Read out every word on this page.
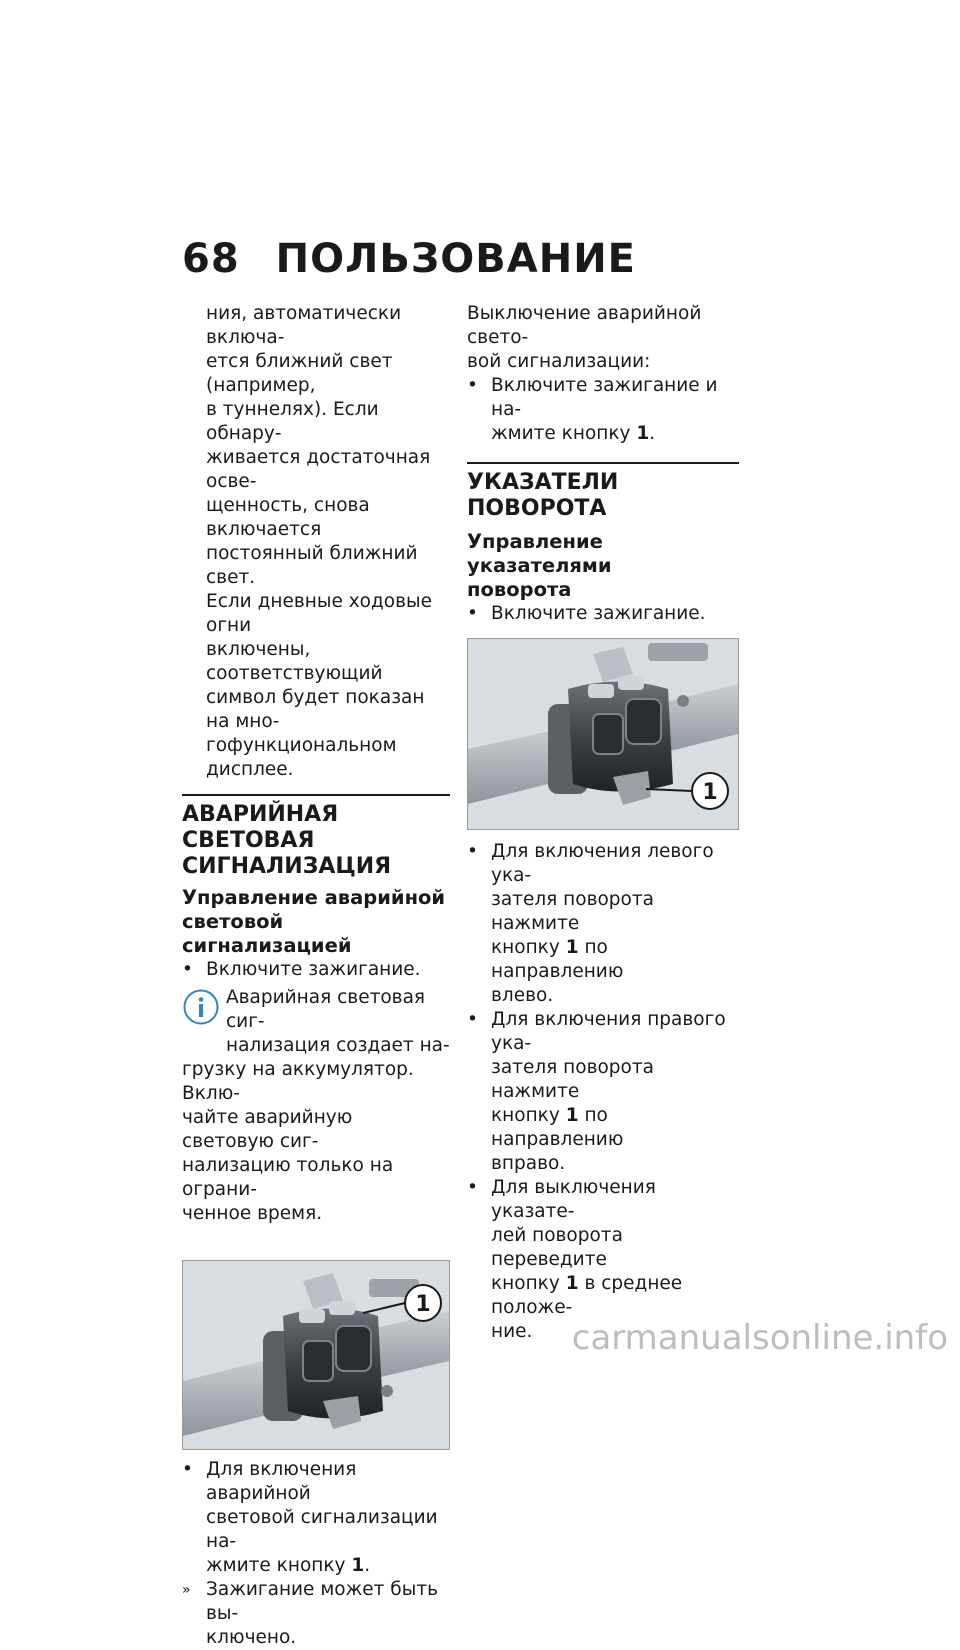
68 ПОЛЬЗОВАНИЕ

ния, автоматически включа-

ется ближний свет (например,

в туннелях). Если обнару-

живается достаточная осве-

щенность, снова включается

постоянный ближний свет.

Если дневные ходовые огни

включены, соответствующий

символ будет показан на мно-

гофункциональном дисплее.

АВАРИЙНАЯ СВЕТОВАЯ

СИГНАЛИЗАЦИЯ

Управление аварийной

световой сигнализацией

• Включите зажигание.

Аварийная световая сиг-

нализация создает на-

грузку на аккумулятор. Вклю-

чайте аварийную световую сиг-

нализацию только на ограни-

ченное время.

1

• Для включения аварийной

световой сигнализации на-

жмите кнопку 1.

» Зажигание может быть вы-

ключено.

Выключение аварийной свето-

вой сигнализации:

• Включите зажигание и на-

жмите кнопку 1.

УКАЗАТЕЛИ ПОВОРОТА

Управление указателями

поворота

• Включите зажигание.

1

• Для включения левого ука-

зателя поворота нажмите

кнопку 1 по направлению

влево.

• Для включения правого ука-

зателя поворота нажмите

кнопку 1 по направлению

вправо.

• Для выключения указате-

лей поворота переведите

кнопку 1 в среднее положе-

ние.	carmanualsonline.info
